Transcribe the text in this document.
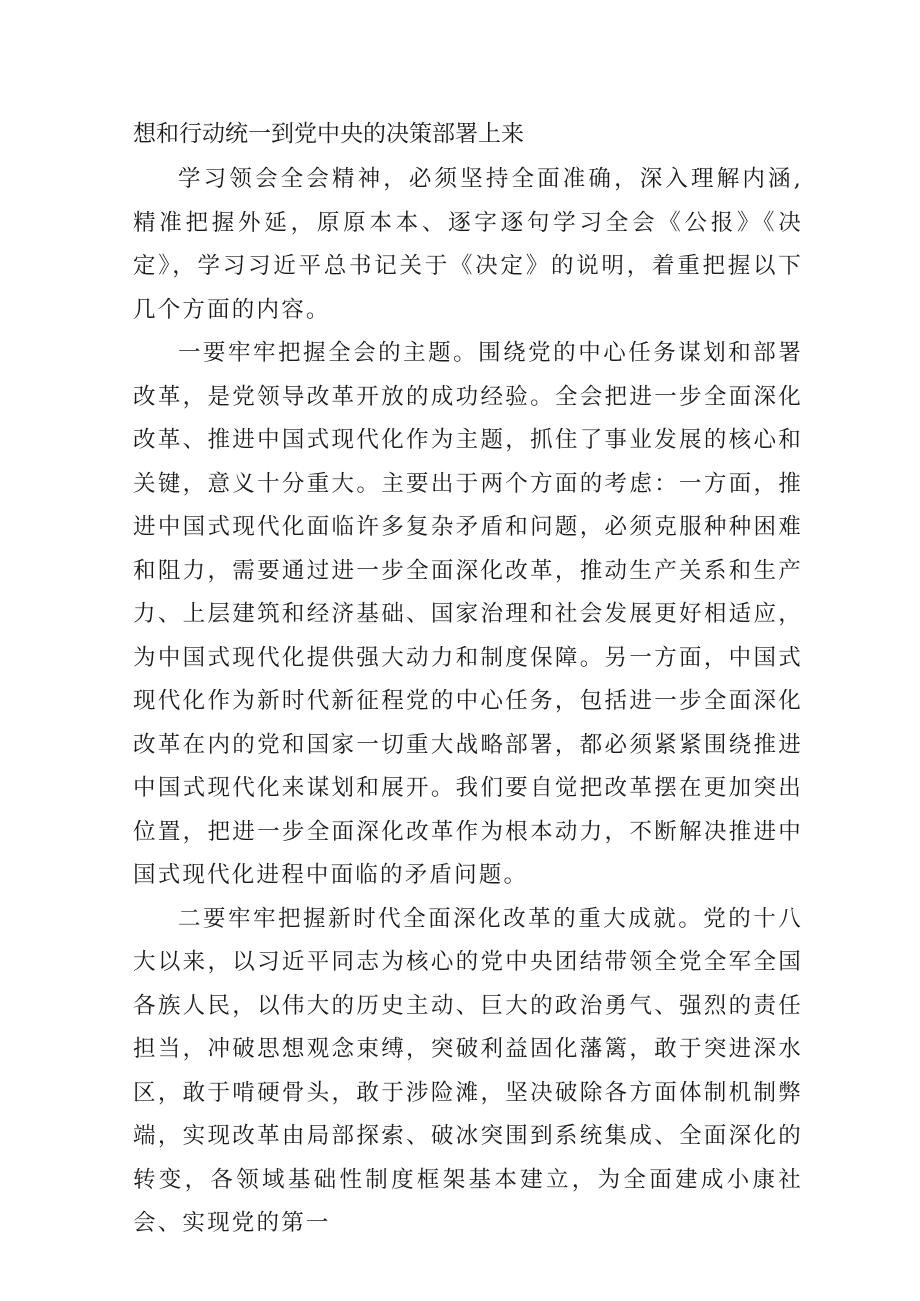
想和行动统一到党中央的决策部署上来

学习领会全会精神，必须坚持全面准确，深入理解内涵,精准把握外延，原原本本、逐字逐句学习全会《公报》《决定》，学习习近平总书记关于《决定》的说明，着重把握以下几个方面的内容。

一要牢牢把握全会的主题。围绕党的中心任务谋划和部署改革，是党领导改革开放的成功经验。全会把进一步全面深化改革、推进中国式现代化作为主题，抓住了事业发展的核心和关键，意义十分重大。主要出于两个方面的考虑：一方面，推进中国式现代化面临许多复杂矛盾和问题，必须克服种种困难和阻力，需要通过进一步全面深化改革，推动生产关系和生产力、上层建筑和经济基础、国家治理和社会发展更好相适应，为中国式现代化提供强大动力和制度保障。另一方面，中国式现代化作为新时代新征程党的中心任务，包括进一步全面深化改革在内的党和国家一切重大战略部署，都必须紧紧围绕推进中国式现代化来谋划和展开。我们要自觉把改革摆在更加突出位置，把进一步全面深化改革作为根本动力，不断解决推进中国式现代化进程中面临的矛盾问题。

二要牢牢把握新时代全面深化改革的重大成就。党的十八大以来，以习近平同志为核心的党中央团结带领全党全军全国各族人民，以伟大的历史主动、巨大的政治勇气、强烈的责任担当，冲破思想观念束缚，突破利益固化藩篱，敢于突进深水区，敢于啃硬骨头，敢于涉险滩，坚决破除各方面体制机制弊端，实现改革由局部探索、破冰突围到系统集成、全面深化的转变，各领域基础性制度框架基本建立，为全面建成小康社会、实现党的第一
